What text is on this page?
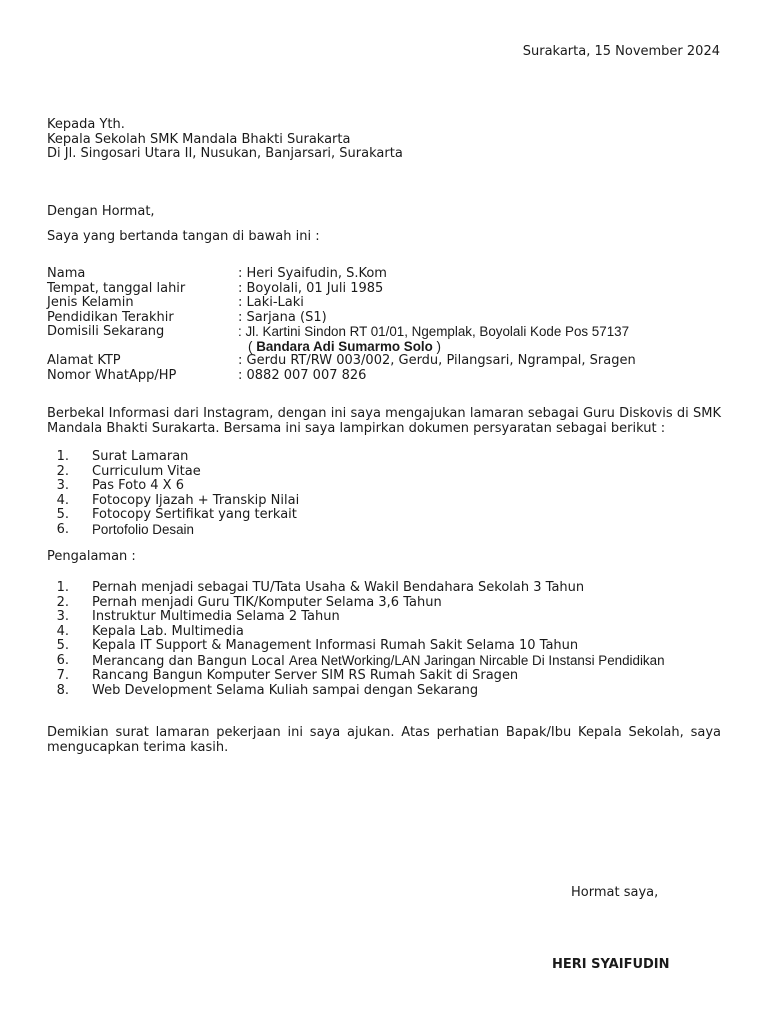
Surakarta, 15 November 2024

Kepada Yth.

Kepala Sekolah SMK Mandala Bhakti Surakarta

Di Jl. Singosari Utara II, Nusukan, Banjarsari, Surakarta

Dengan Hormat,
Saya yang bertanda tangan di bawah ini :
Nama	: Heri Syaifudin, S.Kom
Tempat, tanggal lahir	: Boyolali, 01 Juli 1985
Jenis Kelamin	: Laki-Laki
Pendidikan Terakhir	: Sarjana (S1)
Domisili Sekarang	: Jl. Kartini Sindon RT 01/01, Ngemplak, Boyolali Kode Pos 57137
( Bandara Adi Sumarmo Solo )
Alamat KTP	: Gerdu RT/RW 003/002, Gerdu, Pilangsari, Ngrampal, Sragen
Nomor WhatApp/HP	: 0882 007 007 826
Berbekal Informasi dari Instagram, dengan ini saya mengajukan lamaran sebagai Guru Diskovis di SMK Mandala Bhakti Surakarta. Bersama ini saya lampirkan dokumen persyaratan sebagai berikut :
1.	Surat Lamaran
2.	Curriculum Vitae
3.	Pas Foto 4 X 6
4.	Fotocopy Ijazah + Transkip Nilai
5.	Fotocopy Sertifikat yang terkait
6.	Portofolio Desain
Pengalaman :
1.	Pernah menjadi sebagai TU/Tata Usaha & Wakil Bendahara Sekolah 3 Tahun
2.	Pernah menjadi Guru TIK/Komputer Selama 3,6 Tahun
3.	Instruktur Multimedia Selama 2 Tahun
4.	Kepala Lab. Multimedia
5.	Kepala IT Support & Management Informasi Rumah Sakit Selama 10 Tahun
6.	Merancang dan Bangun Local Area NetWorking/LAN Jaringan Nircable Di Instansi Pendidikan
7.	Rancang Bangun Komputer Server SIM RS Rumah Sakit di Sragen
8.	Web Development Selama Kuliah sampai dengan Sekarang
Demikian surat lamaran pekerjaan ini saya ajukan. Atas perhatian Bapak/Ibu Kepala Sekolah, saya mengucapkan terima kasih.
Hormat saya,
HERI SYAIFUDIN
